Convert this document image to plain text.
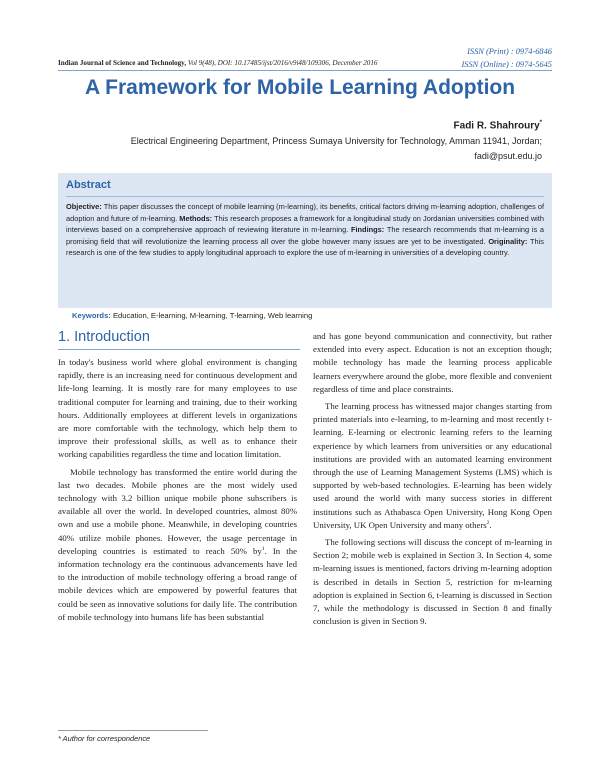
ISSN (Print) : 0974-6846
ISSN (Online) : 0974-5645
Indian Journal of Science and Technology, Vol 9(48), DOI: 10.17485/ijst/2016/v9i48/109306, December 2016
A Framework for Mobile Learning Adoption
Fadi R. Shahroury*
Electrical Engineering Department, Princess Sumaya University for Technology, Amman 11941, Jordan;
fadi@psut.edu.jo
Abstract
Objective: This paper discusses the concept of mobile learning (m-learning), its benefits, critical factors driving m-learning adoption, challenges of adoption and future of m-learning. Methods: This research proposes a framework for a longitudinal study on Jordanian universities combined with interviews based on a comprehensive approach of reviewing literature in m-learning. Findings: The research recommends that m-learning is a promising field that will revolutionize the learning process all over the globe however many issues are yet to be investigated. Originality: This research is one of the few studies to apply longitudinal approach to explore the use of m-learning in universities of a developing country.
Keywords: Education, E-learning, M-learning, T-learning, Web learning
1. Introduction

In today's business world where global environment is changing rapidly, there is an increasing need for continuous development and life-long learning. It is mostly rare for many employees to use traditional computer for learning and training, due to their working hours. Additionally employees at different levels in organizations are more comfortable with the technology, which help them to improve their professional skills, as well as to enhance their working capabilities regardless the time and location limitation.

Mobile technology has transformed the entire world during the last two decades. Mobile phones are the most widely used technology with 3.2 billion unique mobile phone subscribers is available all over the world. In developed countries, almost 80% own and use a mobile phone. Meanwhile, in developing countries 40% utilize mobile phones. However, the usage percentage in developing countries is estimated to reach 50% $by^1$. In the information technology era the continuous advancements have led to the introduction of mobile technology offering a broad range of mobile devices which are empowered by powerful features that could be seen as innovative solutions for daily life. The contribution of mobile technology into humans life has been substantial

and has gone beyond communication and connectivity, but rather extended into every aspect. Education is not an exception though; mobile technology has made the learning process applicable learners everywhere around the globe, more flexible and convenient regardless of time and place constraints.

The learning process has witnessed major changes starting from printed materials into e-learning, to m-learning and most recently t-learning. E-learning or electronic learning refers to the learning experience by which learners from universities or any educational institutions are provided with an automated learning environment through the use of Learning Management Systems (LMS) which is supported by web-based technologies. E-learning has been widely used around the world with many success stories in different institutions such as Athabasca Open University, Hong Kong Open University, UK Open University and many others$^2$.

The following sections will discuss the concept of m-learning in Section 2; mobile web is explained in Section 3. In Section 4, some m-learning issues is mentioned, factors driving m-learning adoption is described in details in Section 5, restriction for m-learning adoption is explained in Section 6, t-learning is discussed in Section 7, while the methodology is discussed in Section 8 and finally conclusion is given in Section 9.

* Author for correspondence
